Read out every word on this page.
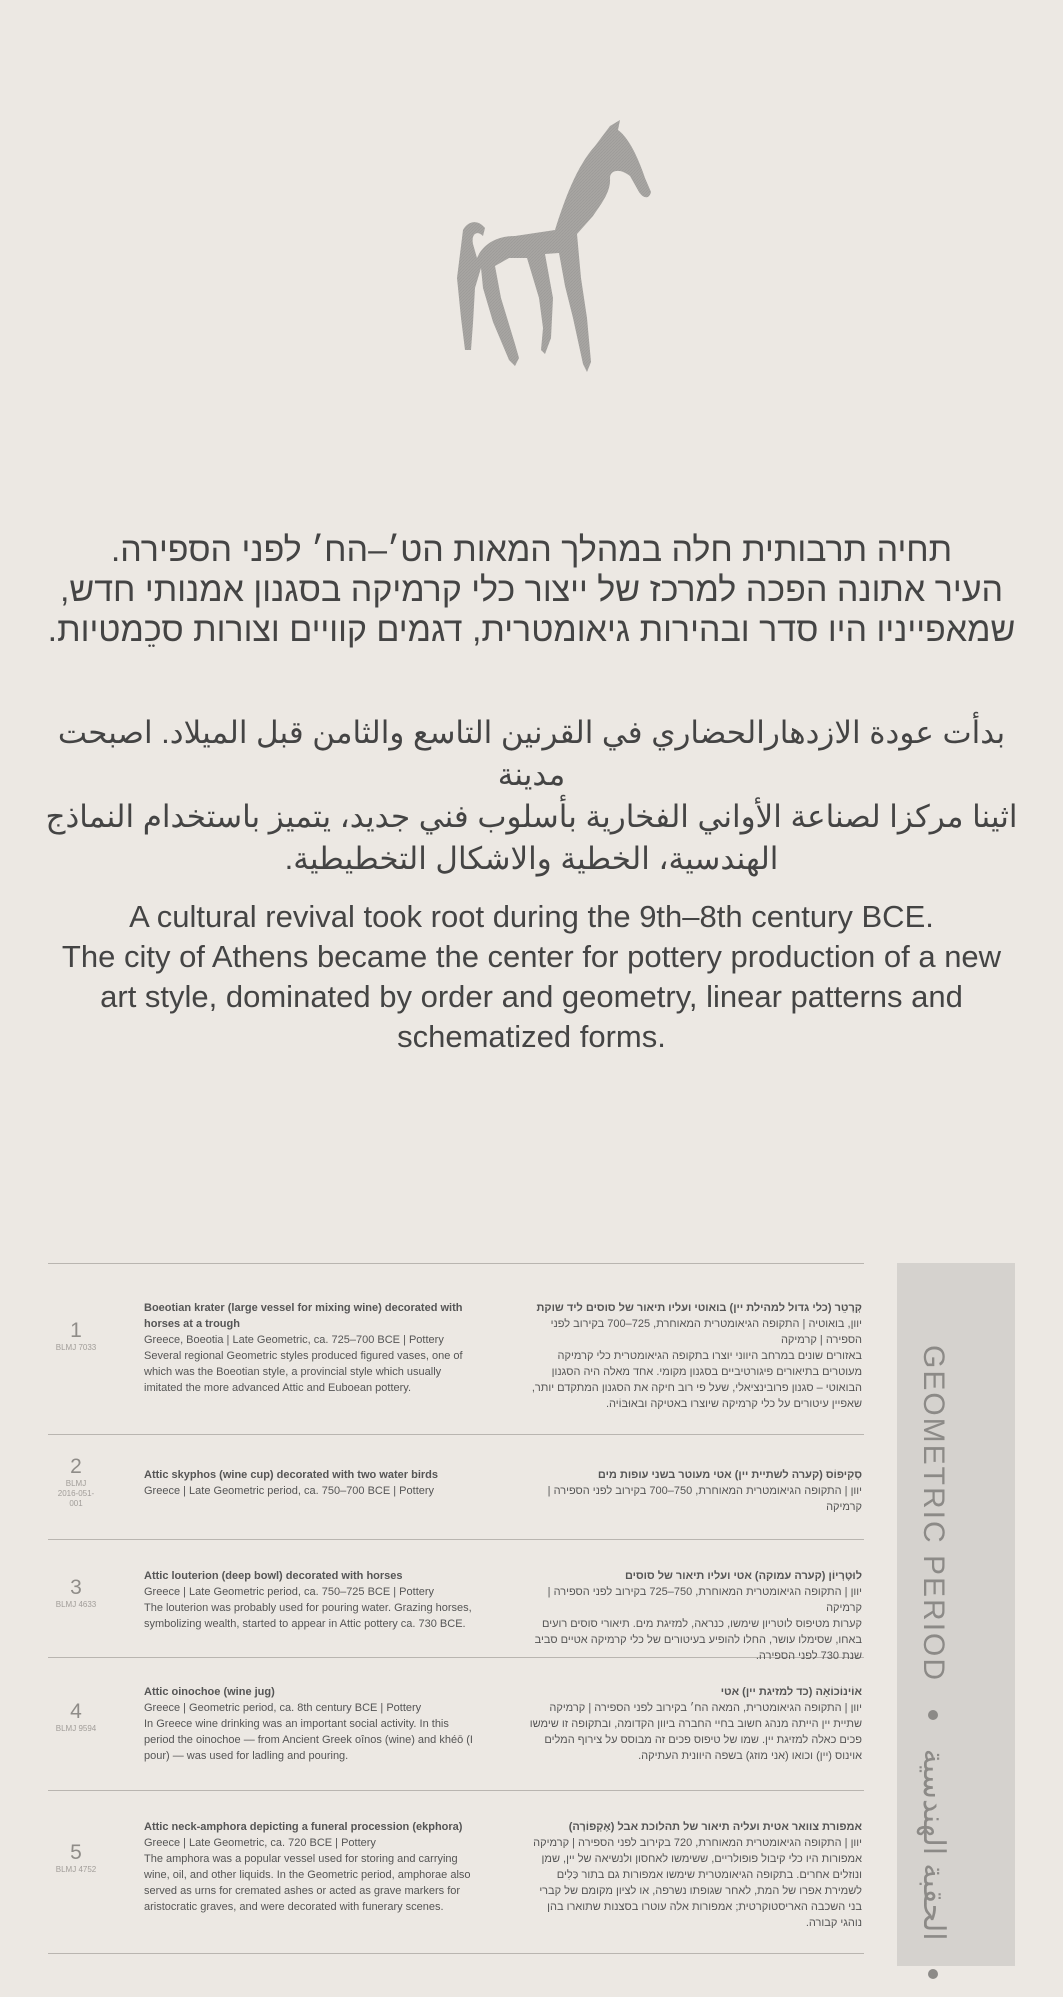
תחיה תרבותית חלה במהלך המאות הט׳–הח׳ לפני הספירה.

העיר אתונה הפכה למרכז של ייצור כלי קרמיקה בסגנון אמנותי חדש,

שמאפייניו היו סדר ובהירות גיאומטרית, דגמים קוויים וצורות סכֵמטיות.

بدأت عودة الازدهارالحضاري في القرنين التاسع والثامن قبل الميلاد. اصبحت مدينة

اثينا مركزا لصناعة الأواني الفخارية بأسلوب فني جديد، يتميز باستخدام النماذج

الهندسية، الخطية والاشكال التخطيطية.

A cultural revival took root during the 9th–8th century BCE.

The city of Athens became the center for pottery production of a new

art style, dominated by order and geometry, linear patterns and

schematized forms.

1
BLMJ 7033
Boeotian krater (large vessel for mixing wine) decorated with horses at a trough
Greece, Boeotia | Late Geometric, ca. 725–700 BCE | Pottery
Several regional Geometric styles produced figured vases, one of which was the Boeotian style, a provincial style which usually imitated the more advanced Attic and Euboean pottery.
קְרָטֵר (כלי גדול למהילת יין) בואוטי ועליו תיאור של סוסים ליד שוקת
יוון, בואוטיה | התקופה הגיאומטרית המאוחרת, 725–700 בקירוב לפני הספירה | קרמיקה
באזורים שונים במרחב היווני יוצרו בתקופה הגיאומטרית כלי קרמיקה מעוטרים בתיאורים פיגורטיביים בסגנון מקומי. אחד מאלה היה הסגנון הבואוטי – סגנון פרובינציאלי, שעל פי רוב חיקה את הסגנון המתקדם יותר, שאפיין עיטורים על כלי קרמיקה שיוצרו באטיקה ובאוּבּוֹיה.
2
BLMJ 2016-051-001
Attic skyphos (wine cup) decorated with two water birds
Greece | Late Geometric period, ca. 750–700 BCE | Pottery
סְקִיפוֹס (קערה לשתיית יין) אטי מעוטר בשני עופות מים
יוון | התקופה הגיאומטרית המאוחרת, 750–700 בקירוב לפני הספירה | קרמיקה
3
BLMJ 4633
Attic louterion (deep bowl) decorated with horses
Greece | Late Geometric period, ca. 750–725 BCE | Pottery
The louterion was probably used for pouring water. Grazing horses, symbolizing wealth, started to appear in Attic pottery ca. 730 BCE.
לוּטֶרְיוֹן (קערה עמוקה) אטי ועליו תיאור של סוסים
יוון | התקופה הגיאומטרית המאוחרת, 750–725 בקירוב לפני הספירה | קרמיקה
קערות מטיפוס לוטריון שימשו, כנראה, למזיגת מים. תיאורי סוסים רועים באחו, שסימלו עושר, החלו להופיע בעיטורים של כלי קרמיקה אטיים סביב שנת 730 לפני הספירה.
4
BLMJ 9594
Attic oinochoe (wine jug)
Greece | Geometric period, ca. 8th century BCE | Pottery
In Greece wine drinking was an important social activity. In this period the oinochoe — from Ancient Greek oînos (wine) and khéō (I pour) — was used for ladling and pouring.
אוֹינוֹכוֹאָה (כד למזיגת יין) אטי
יוון | התקופה הגיאומטרית, המאה הח׳ בקירוב לפני הספירה | קרמיקה
שתיית יין הייתה מנהג חשוב בחיי החברה ביוון הקדומה, ובתקופה זו שימשו פכים כאלה למזיגת יין. שמו של טיפוס פכים זה מבוסס על צירוף המלים אוינוס (יין) וכואו (אני מוזג) בשפה היוונית העתיקה.
5
BLMJ 4752
Attic neck-amphora depicting a funeral procession (ekphora)
Greece | Late Geometric, ca. 720 BCE | Pottery
The amphora was a popular vessel used for storing and carrying wine, oil, and other liquids. In the Geometric period, amphorae also served as urns for cremated ashes or acted as grave markers for aristocratic graves, and were decorated with funerary scenes.
אמפורת צוואר אטית ועליה תיאור של תהלוכת אבל (אֶקְפוֹרָה)
יוון | התקופה הגיאומטרית המאוחרת, 720 בקירוב לפני הספירה | קרמיקה
אמפורות היו כלי קיבול פופולריים, ששימשו לאחסון ולנשיאה של יין, שמן ונוזלים אחרים. בתקופה הגיאומטרית שימשו אמפורות גם בתור כַּלִים לשמירת אפרו של המת, לאחר שגופתו נשרפה, או לציון מקומם של קברי בני השכבה האריסטוקרטית; אמפורות אלה עוטרו בסצנות שתוארו בהן נוהגי קבורה.
GEOMETRIC PERIOD  الحقبة الهندسية
